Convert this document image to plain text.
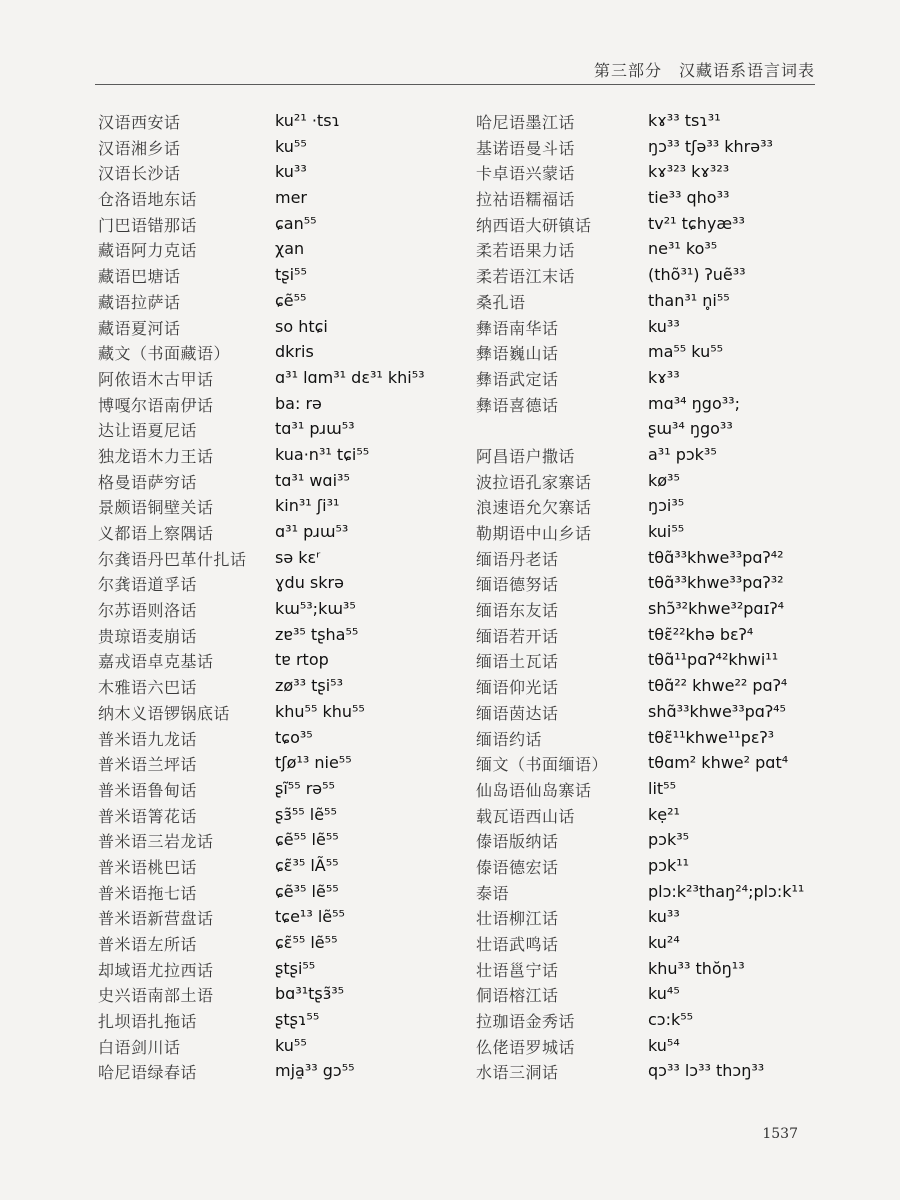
第三部分　汉藏语系语言词表
汉语西安话	ku²¹ ·tsɿ
汉语湘乡话	ku⁵⁵
汉语长沙话	ku³³
仓洛语地东话	mer
门巴语错那话	ɕan⁵⁵
藏语阿力克话	χan
藏语巴塘话	tʂi⁵⁵
藏语拉萨话	ɕẽ⁵⁵
藏语夏河话	so htɕi
藏文（书面藏语）	dkris
阿侬语木古甲话	ɑ³¹ lɑm³¹ dɛ³¹ khi⁵³
博嘎尔语南伊话	ba: rə
达让语夏尼话	tɑ³¹ pɹɯ⁵³
独龙语木力王话	kua·n³¹ tɕi⁵⁵
格曼语萨穷话	tɑ³¹ wɑi³⁵
景颇语铜壁关话	kin³¹ ʃi³¹
义都语上察隅话	ɑ³¹ pɹɯ⁵³
尔龚语丹巴革什扎话 sə kɛʳ
尔龚语道孚话	ɣdu skrə
尔苏语则洛话	kɯ⁵³;kɯ³⁵
贵琼语麦崩话	zɐ³⁵ tʂha⁵⁵
嘉戎语卓克基话	tɐ rtop
木雅语六巴话	zø³³ tʂi⁵³
纳木义语锣锅底话	khu⁵⁵ khu⁵⁵
普米语九龙话	tɕo³⁵
普米语兰坪话	tʃø¹³ nie⁵⁵
普米语鲁甸话	ʂĩ⁵⁵ rə⁵⁵
普米语箐花话	ʂɜ̃⁵⁵ lẽ⁵⁵
普米语三岩龙话	ɕẽ⁵⁵ lẽ⁵⁵
普米语桃巴话	ɕɛ̃³⁵ lÃ⁵⁵
普米语拖七话	ɕẽ³⁵ lẽ⁵⁵
普米语新营盘话	tɕe¹³ lẽ⁵⁵
普米语左所话	ɕɛ̃⁵⁵ lẽ⁵⁵
却域语尤拉西话	ʂtʂi⁵⁵
史兴语南部土语	bɑ³¹tʂɜ̃³⁵
扎坝语扎拖话	ʂtʂɿ⁵⁵
白语剑川话	ku⁵⁵
哈尼语绿春话	mja̱³³ gɔ⁵⁵
哈尼语墨江话	kɤ³³ tsɿ³¹
基诺语曼斗话	ŋɔ³³ tʃə³³ khrə³³
卡卓语兴蒙话	kɤ³²³ kɤ³²³
拉祜语糯福话	tie³³ qho³³
纳西语大研镇话	tv²¹ tɕhyæ³³
柔若语果力话	ne³¹ ko³⁵
柔若语江末话	(thõ³¹) ʔuẽ³³
桑孔语	than³¹ n̥i⁵⁵
彝语南华话	ku³³
彝语巍山话	ma⁵⁵ ku⁵⁵
彝语武定话	kɤ³³
彝语喜德话	mɑ³⁴ ŋgo³³;
ʂɯ³⁴ ŋgo³³
阿昌语户撒话	a³¹ pɔk³⁵
波拉语孔家寨话	kø³⁵
浪速语允欠寨话	ŋɔi³⁵
勒期语中山乡话	kui⁵⁵
缅语丹老话	tθɑ̃³³khwe³³pɑʔ⁴²
缅语德努话	tθɑ̃³³khwe³³pɑʔ³²
缅语东友话	shɔ̃³²khwe³²pɑɪʔ⁴
缅语若开话	tθɛ̃²²khə bɛʔ⁴
缅语土瓦话	tθɑ̃¹¹pɑʔ⁴²khwi¹¹
缅语仰光话	tθɑ̃²² khwe²² pɑʔ⁴
缅语茵达话	shɑ̃³³khwe³³pɑʔ⁴⁵
缅语约话	tθɛ̃¹¹khwe¹¹pɛʔ³
缅文（书面缅语） tθɑm² khwe² pɑt⁴
仙岛语仙岛寨话	lit⁵⁵
载瓦语西山话	kẹ²¹
傣语版纳话	pɔk³⁵
傣语德宏话	pɔk¹¹
泰语	plɔ:k²³thaŋ²⁴;plɔ:k¹¹
壮语柳江话	ku³³
壮语武鸣话	ku²⁴
壮语邕宁话	khu³³ thŏŋ¹³
侗语榕江话	ku⁴⁵
拉珈语金秀话	cɔ:k⁵⁵
仫佬语罗城话	ku⁵⁴
水语三洞话	qɔ³³ lɔ³³ thɔŋ³³
1537
